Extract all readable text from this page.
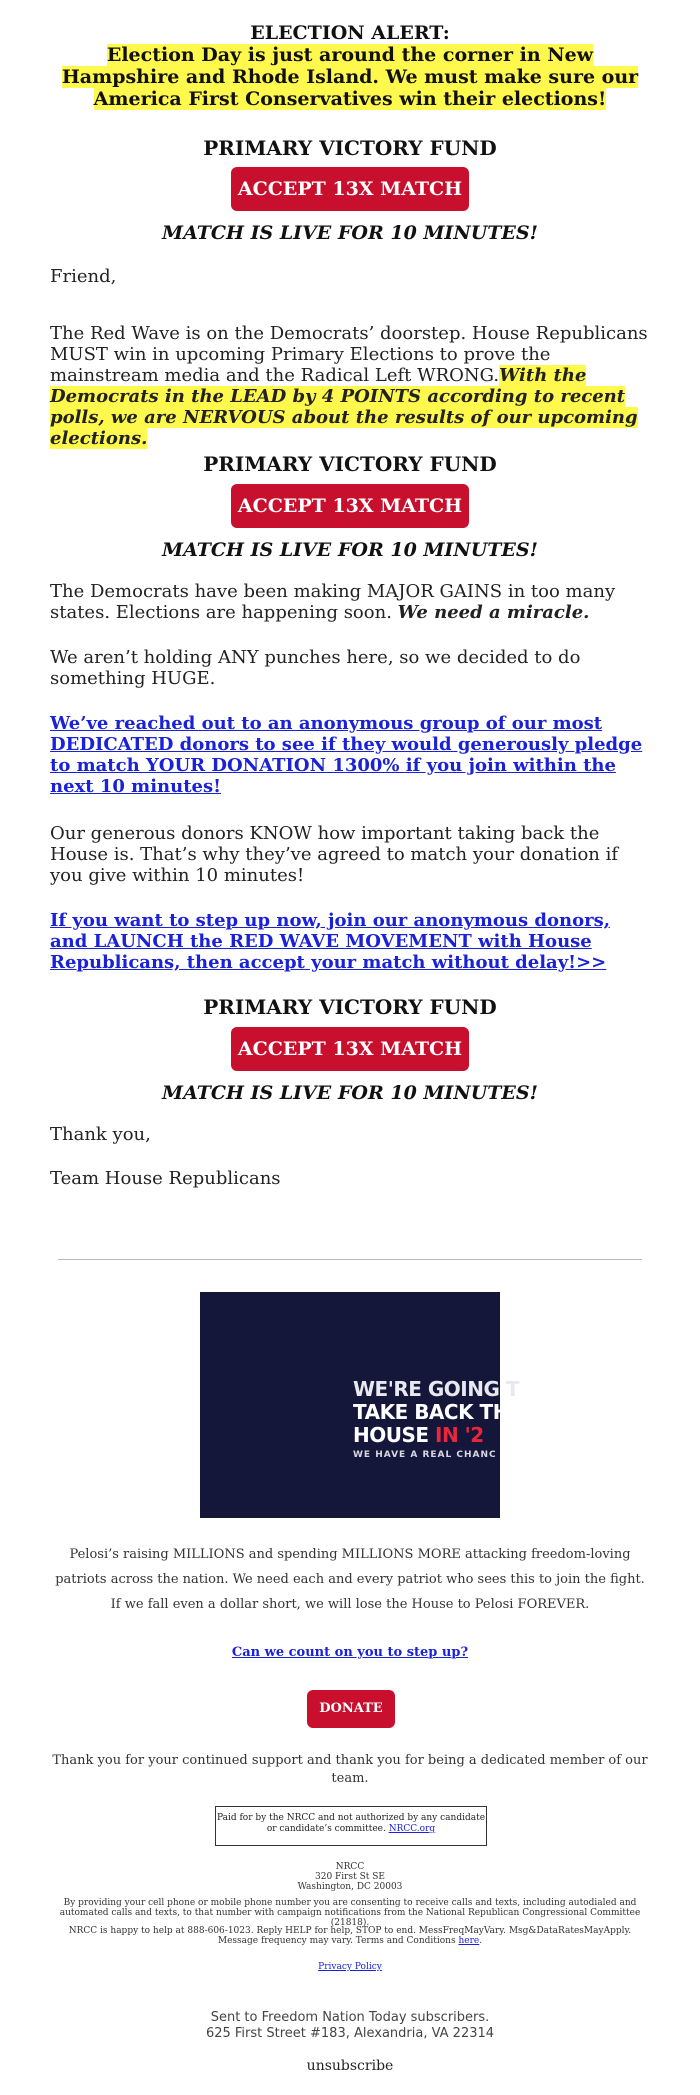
ELECTION ALERT:
Election Day is just around the corner in New Hampshire and Rhode Island. We must make sure our America First Conservatives win their elections!
PRIMARY VICTORY FUND
ACCEPT 13X MATCH
MATCH IS LIVE FOR 10 MINUTES!
Friend,
The Red Wave is on the Democrats’ doorstep. House Republicans MUST win in upcoming Primary Elections to prove the mainstream media and the Radical Left WRONG.With the Democrats in the LEAD by 4 POINTS according to recent polls, we are NERVOUS about the results of our upcoming elections.
PRIMARY VICTORY FUND
ACCEPT 13X MATCH
MATCH IS LIVE FOR 10 MINUTES!
The Democrats have been making MAJOR GAINS in too many states. Elections are happening soon. We need a miracle.
We aren’t holding ANY punches here, so we decided to do something HUGE.
We’ve reached out to an anonymous group of our most DEDICATED donors to see if they would generously pledge to match YOUR DONATION 1300% if you join within the next 10 minutes!
Our generous donors KNOW how important taking back the House is. That’s why they’ve agreed to match your donation if you give within 10 minutes!
If you want to step up now, join our anonymous donors, and LAUNCH the RED WAVE MOVEMENT with House Republicans, then accept your match without delay!>>
PRIMARY VICTORY FUND
ACCEPT 13X MATCH
MATCH IS LIVE FOR 10 MINUTES!
Thank you,
Team House Republicans
WE'RE GOING T
TAKE BACK TH
HOUSE IN '2
WE HAVE A REAL CHANC
Pelosi’s raising MILLIONS and spending MILLIONS MORE attacking freedom-loving patriots across the nation. We need each and every patriot who sees this to join the fight. If we fall even a dollar short, we will lose the House to Pelosi FOREVER.
Can we count on you to step up?
DONATE
Thank you for your continued support and thank you for being a dedicated member of our team.
Paid for by the NRCC and not authorized by any candidate or candidate’s committee. NRCC.org
NRCC
320 First St SE
Washington, DC 20003
By providing your cell phone or mobile phone number you are consenting to receive calls and texts, including autodialed and automated calls and texts, to that number with campaign notifications from the National Republican Congressional Committee (21818).
NRCC is happy to help at 888-606-1023. Reply HELP for help, STOP to end. MessFreqMayVary. Msg&DataRatesMayApply. Message frequency may vary. Terms and Conditions here.
Privacy Policy
Sent to Freedom Nation Today subscribers.
625 First Street #183, Alexandria, VA 22314
unsubscribe
